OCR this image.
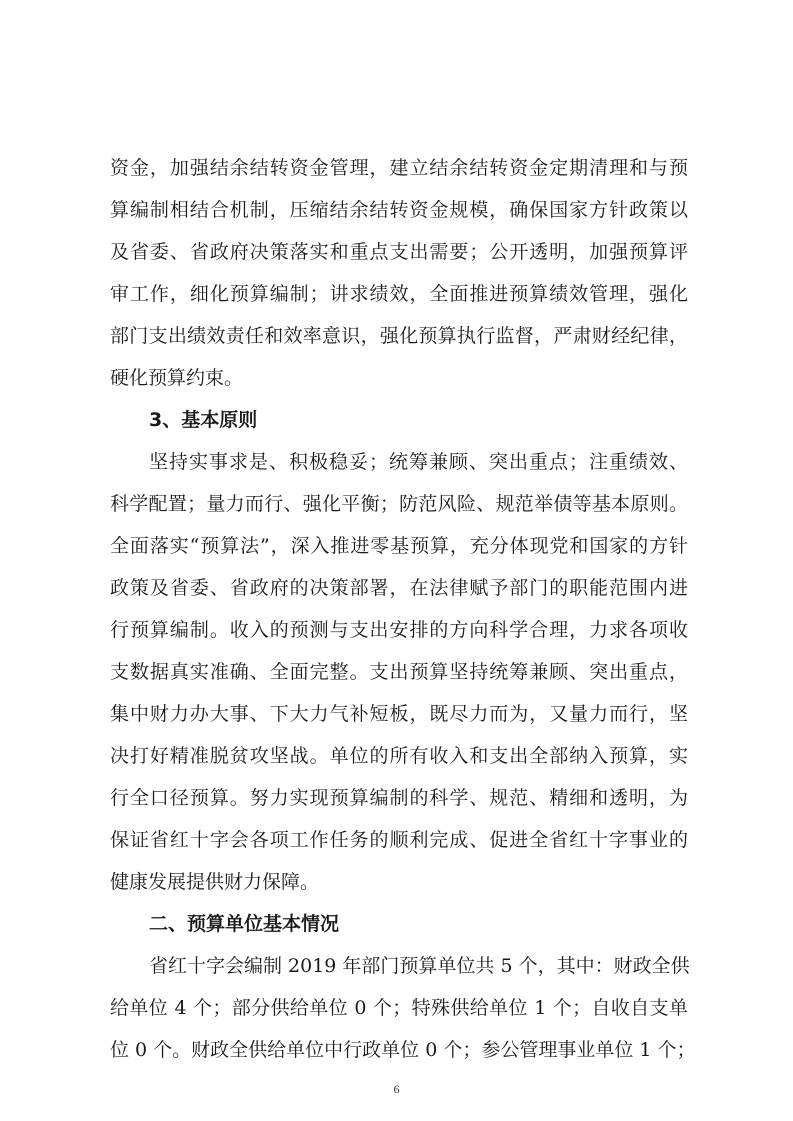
资金，加强结余结转资金管理，建立结余结转资金定期清理和与预
算编制相结合机制，压缩结余结转资金规模，确保国家方针政策以
及省委、省政府决策落实和重点支出需要；公开透明，加强预算评
审工作，细化预算编制；讲求绩效，全面推进预算绩效管理，强化
部门支出绩效责任和效率意识，强化预算执行监督，严肃财经纪律，
硬化预算约束。
3、基本原则
坚持实事求是、积极稳妥；统筹兼顾、突出重点；注重绩效、
科学配置；量力而行、强化平衡；防范风险、规范举债等基本原则。
全面落实“预算法”，深入推进零基预算，充分体现党和国家的方针
政策及省委、省政府的决策部署，在法律赋予部门的职能范围内进
行预算编制。收入的预测与支出安排的方向科学合理，力求各项收
支数据真实准确、全面完整。支出预算坚持统筹兼顾、突出重点，
集中财力办大事、下大力气补短板，既尽力而为，又量力而行，坚
决打好精准脱贫攻坚战。单位的所有收入和支出全部纳入预算，实
行全口径预算。努力实现预算编制的科学、规范、精细和透明，为
保证省红十字会各项工作任务的顺利完成、促进全省红十字事业的
健康发展提供财力保障。
二、预算单位基本情况
省红十字会编制 2019 年部门预算单位共 5 个，其中：财政全供
给单位 4 个；部分供给单位 0 个；特殊供给单位 1 个；自收自支单
位 0 个。财政全供给单位中行政单位 0 个；参公管理事业单位 1 个；
6
